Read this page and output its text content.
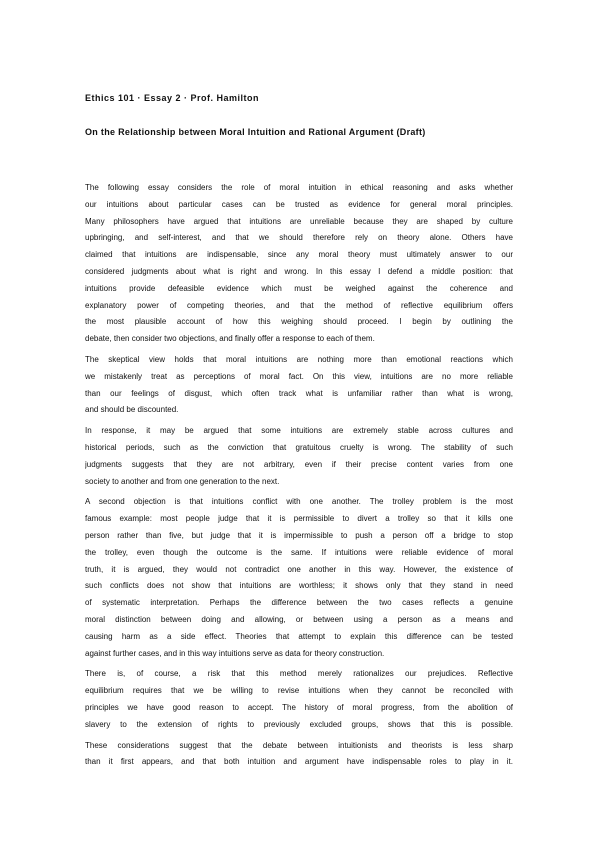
Ethics 101 · Essay 2 · Prof. Hamilton
On the Relationship between Moral Intuition and Rational Argument (Draft)
The following essay considers the role of moral intuition in ethical reasoning and asks whether
our intuitions about particular cases can be trusted as evidence for general moral principles.
Many philosophers have argued that intuitions are unreliable because they are shaped by culture
upbringing, and self-interest, and that we should therefore rely on theory alone. Others have
claimed that intuitions are indispensable, since any moral theory must ultimately answer to our
considered judgments about what is right and wrong. In this essay I defend a middle position: that
intuitions provide defeasible evidence which must be weighed against the coherence and
explanatory power of competing theories, and that the method of reflective equilibrium offers
the most plausible account of how this weighing should proceed. I begin by outlining the
debate, then consider two objections, and finally offer a response to each of them.
The skeptical view holds that moral intuitions are nothing more than emotional reactions which
we mistakenly treat as perceptions of moral fact. On this view, intuitions are no more reliable
than our feelings of disgust, which often track what is unfamiliar rather than what is wrong,
and should be discounted.
In response, it may be argued that some intuitions are extremely stable across cultures and
historical periods, such as the conviction that gratuitous cruelty is wrong. The stability of such
judgments suggests that they are not arbitrary, even if their precise content varies from one
society to another and from one generation to the next.
A second objection is that intuitions conflict with one another. The trolley problem is the most
famous example: most people judge that it is permissible to divert a trolley so that it kills one
person rather than five, but judge that it is impermissible to push a person off a bridge to stop
the trolley, even though the outcome is the same. If intuitions were reliable evidence of moral
truth, it is argued, they would not contradict one another in this way. However, the existence of
such conflicts does not show that intuitions are worthless; it shows only that they stand in need
of systematic interpretation. Perhaps the difference between the two cases reflects a genuine
moral distinction between doing and allowing, or between using a person as a means and
causing harm as a side effect. Theories that attempt to explain this difference can be tested
against further cases, and in this way intuitions serve as data for theory construction.
There is, of course, a risk that this method merely rationalizes our prejudices. Reflective
equilibrium requires that we be willing to revise intuitions when they cannot be reconciled with
principles we have good reason to accept. The history of moral progress, from the abolition of
slavery to the extension of rights to previously excluded groups, shows that this is possible.
These considerations suggest that the debate between intuitionists and theorists is less sharp
than it first appears, and that both intuition and argument have indispensable roles to play in it.
